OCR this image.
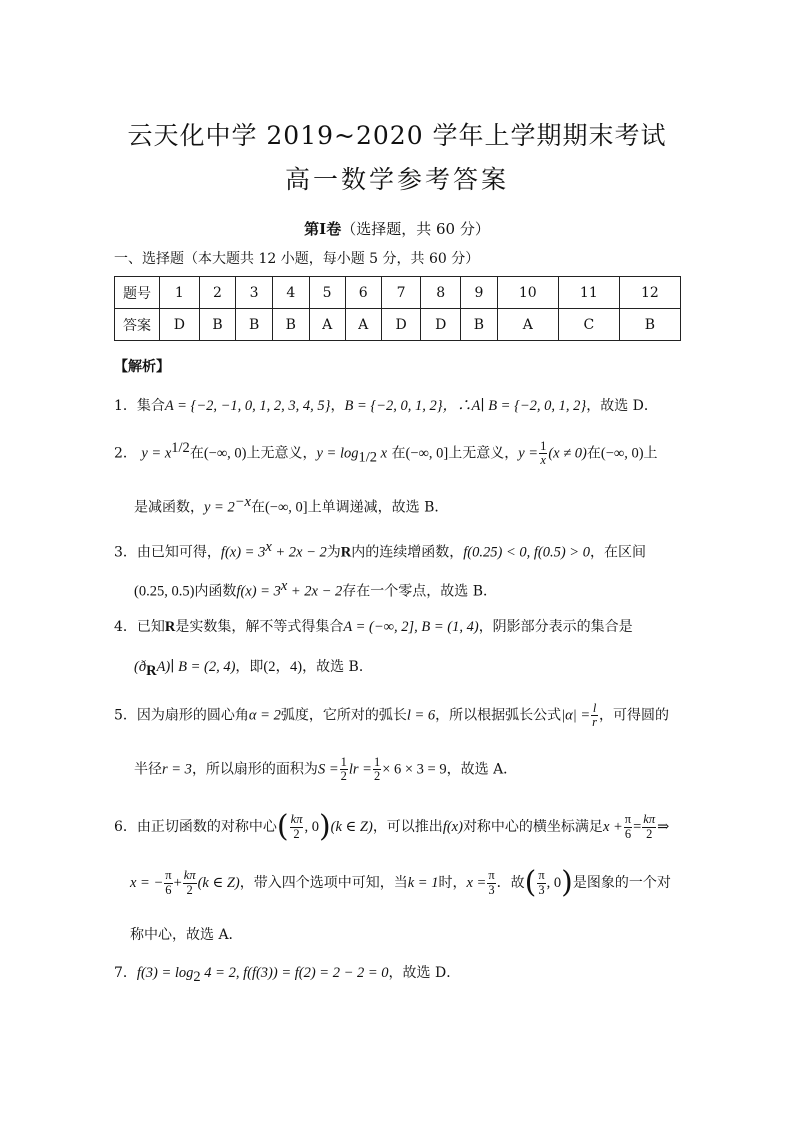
云天化中学 2019~2020 学年上学期期末考试
高一数学参考答案
第Ⅰ卷（选择题，共 60 分）
一、选择题（本大题共 12 小题，每小题 5 分，共 60 分）
题号	1	2	3	4	5	6	7	8	9	10	11	12
答案	D	B	B	B	A	A	D	D	B	A	C	B
【解析】
1．集合A = {−2, −1, 0, 1, 2, 3, 4, 5}，B = {−2, 0, 1, 2}，∴A∣ B = {−2, 0, 1, 2}，故选 D．
2． $y = x^{1/2}$在(−∞, 0)上无意义，$y = \log_{1/2} x$ 在(−∞, 0]上无意义，$y = \frac{1}{x} (x \ne 0)$在(−∞, 0)上
是减函数，$y = 2^{-x}$在(−∞, 0]上单调递减，故选 B．
3．由已知可得，$f(x) = 3^x + 2x - 2$为R内的连续增函数，f(0.25) < 0, f(0.5) > 0，在区间
(0.25, 0.5)内函数$f(x) = 3^x + 2x - 2$存在一个零点，故选 B．
4．已知R是实数集，解不等式得集合A = (−∞, 2], B = (1, 4)，阴影部分表示的集合是
$(ð_RA)∣$ B = (2, 4)，即(2，4)，故选 B．
5．因为扇形的圆心角α = 2弧度，它所对的弧长l = 6，所以根据弧长公式$|\alpha| = \frac{l}{r}$ ，可得圆的
半径r = 3，所以扇形的面积为$S = \frac{1}{2}$ lr = $\frac{1}{2} \times 6 \times 3 = 9$，故选 A．
6．由正切函数的对称中心( $\frac{k\pi}{2}$ , 0)(k ∈ Z)，可以推出f(x)对称中心的横坐标满足$x + \frac{\pi}{6} = \frac{k\pi}{2}$ ⇒
x = − $\frac{\pi}{6} + \frac{k\pi}{2} (k$ ∈ Z)，带入四个选项中可知，当k = 1时，$x = \frac{\pi}{3}$ ．故( $\frac{\pi}{3}$ , 0)是图象的一个对
称中心，故选 A．
7．$f(3) = \log_2 4 = 2$, f(f(3)) = f(2) = 2 − 2 = 0，故选 D．
